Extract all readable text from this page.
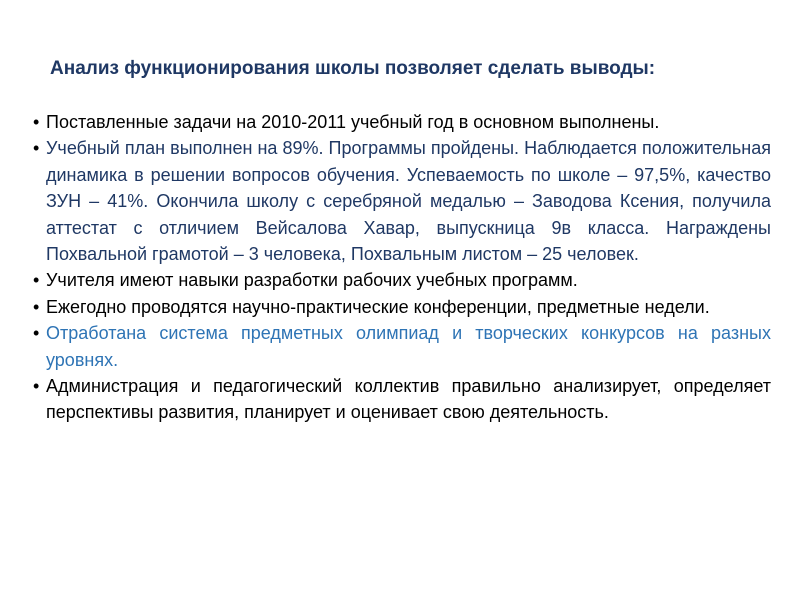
Анализ функционирования школы позволяет сделать выводы:
• Поставленные задачи на 2010-2011 учебный год в основном выполнены.
• Учебный план выполнен на 89%. Программы пройдены. Наблюдается положительная динамика в решении вопросов обучения. Успеваемость по школе – 97,5%, качество ЗУН – 41%. Окончила школу с серебряной медалью – Заводова Ксения, получила аттестат с отличием Вейсалова Хавар, выпускница 9в класса. Награждены Похвальной грамотой – 3 человека, Похвальным листом – 25 человек.
• Учителя имеют навыки разработки рабочих учебных программ.
• Ежегодно проводятся научно-практические конференции, предметные недели.
• Отработана система предметных олимпиад и творческих конкурсов на разных уровнях.
• Администрация и педагогический коллектив правильно анализирует, определяет перспективы развития, планирует и оценивает свою деятельность.
